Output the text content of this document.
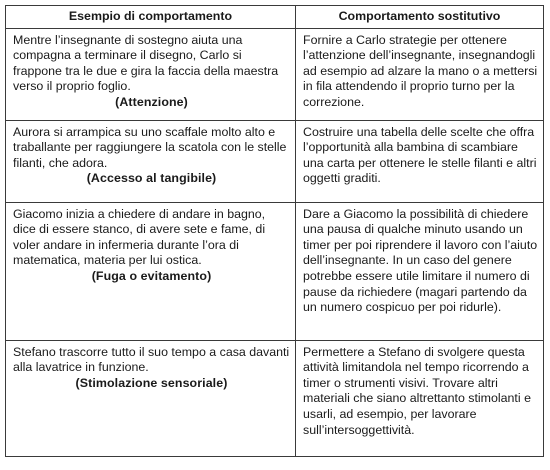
Esempio di comportamento	Comportamento sostitutivo

Mentre l’insegnante di sostegno aiuta una compagna a terminare il disegno, Carlo si frappone tra le due e gira la faccia della maestra verso il proprio foglio.
(Attenzione)	Fornire a Carlo strategie per ottenere l’attenzione dell’insegnante, insegnandogli ad esempio ad alzare la mano o a mettersi in fila attendendo il proprio turno per la correzione.

Aurora si arrampica su uno scaffale molto alto e traballante per raggiungere la scatola con le stelle filanti, che adora.
(Accesso al tangibile)	Costruire una tabella delle scelte che offra l’opportunità alla bambina di scambiare una carta per ottenere le stelle filanti e altri oggetti graditi.

Giacomo inizia a chiedere di andare in bagno, dice di essere stanco, di avere sete e fame, di voler andare in infermeria durante l’ora di matematica, materia per lui ostica.
(Fuga o evitamento)	Dare a Giacomo la possibilità di chiedere una pausa di qualche minuto usando un timer per poi riprendere il lavoro con l’aiuto dell’insegnante. In un caso del genere potrebbe essere utile limitare il numero di pause da richiedere (magari partendo da un numero cospicuo per poi ridurle).

Stefano trascorre tutto il suo tempo a casa davanti alla lavatrice in funzione.
(Stimolazione sensoriale)	Permettere a Stefano di svolgere questa attività limitandola nel tempo ricorrendo a timer o strumenti visivi. Trovare altri materiali che siano altrettanto stimolanti e usarli, ad esempio, per lavorare sull’intersoggettività.
